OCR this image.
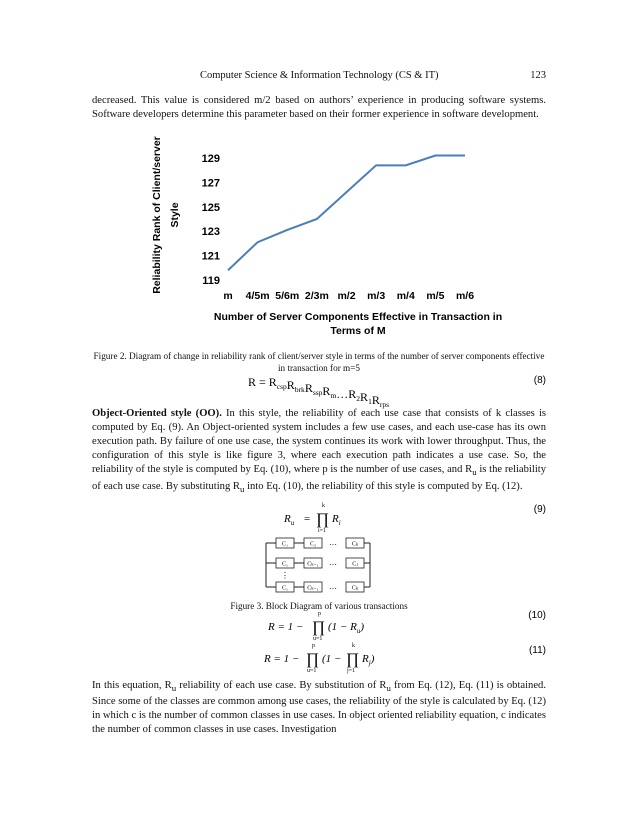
Computer Science & Information Technology (CS & IT)	123

decreased. This value is considered m/2 based on authors’ experience in producing software systems. Software developers determine this parameter based on their former experience in software development.

119
121
123
125
127
129
m 4/5m 5/6m 2/3m m/2 m/3 m/4 m/5 m/6
Reliability Rank of Client/server Style
Number of Server Components Effective in Transaction in
Terms of M
Figure 2. Diagram of change in reliability rank of client/server style in terms of the number of server components effective in transaction for m=5
$R = R_{csp}R_{brk}R_{ssp}R_m\dots R_2R_1R_{rps}$
(8)

Object-Oriented style (OO). In this style, the reliability of each use case that consists of k classes is computed by Eq. (9). An Object-oriented system includes a few use cases, and each use-case has its own execution path. By failure of one use case, the system continues its work with lower throughput. Thus, the configuration of this style is like figure 3, where each execution path indicates a use case. So, the reliability of the style is computed by Eq. (10), where p is the number of use cases, and $R_u$ is the reliability of each use case. By substituting $R_u$ into Eq. (10), the reliability of this style is computed by Eq. (12).

$R_u$ = ∏
k
i=1
$R_i$
(9)
C₁	C₂	Cₖ
…
C₁	Cₖ₋₁	Cⱼ
…
C₁	Cₖ₋₁	Cₖ
…
⋮
Figure 3. Block Diagram of various transactions
R = 1 − ∏
p
u=1
$(1 - R_u)$
(10)
R = 1 − ∏
p
u=1
(1 − ∏
k
j=1
$R_j$)
(11)

In this equation, $R_u$ reliability of each use case. By substitution of $R_u$ from Eq. (12), Eq. (11) is obtained. Since some of the classes are common among use cases, the reliability of the style is calculated by Eq. (12) in which c is the number of common classes in use cases. In object oriented reliability equation, c indicates the number of common classes in use cases. Investigation
